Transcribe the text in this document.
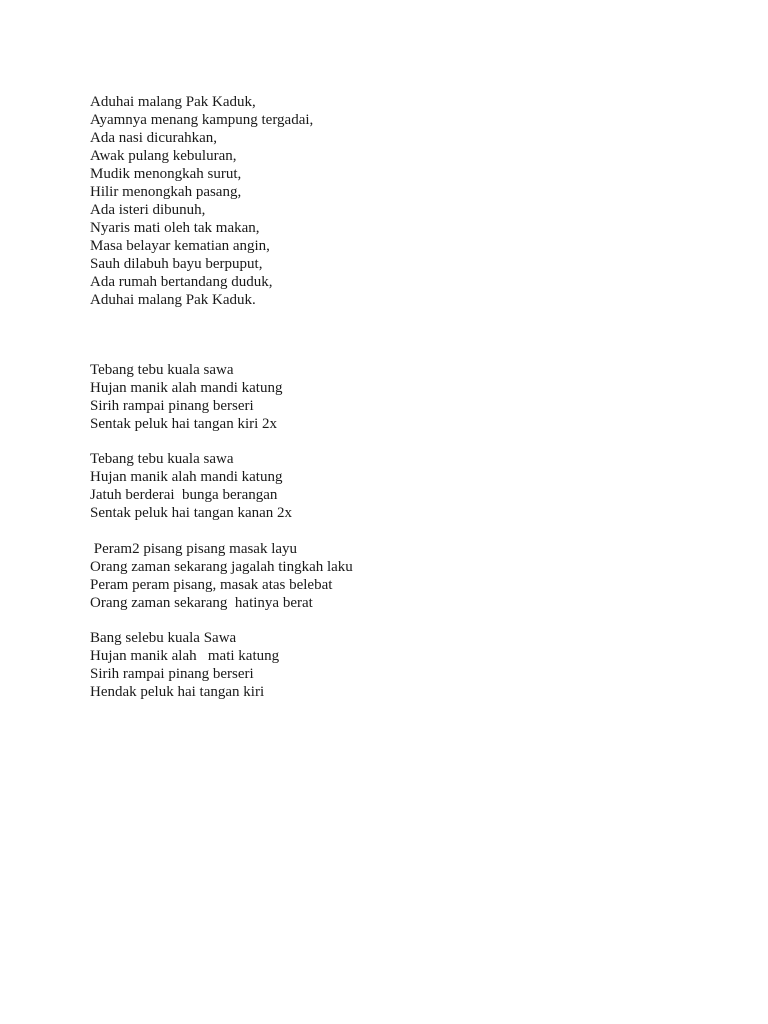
Aduhai malang Pak Kaduk,
Ayamnya menang kampung tergadai,
Ada nasi dicurahkan,
Awak pulang kebuluran,
Mudik menongkah surut,
Hilir menongkah pasang,
Ada isteri dibunuh,
Nyaris mati oleh tak makan,
Masa belayar kematian angin,
Sauh dilabuh bayu berpuput,
Ada rumah bertandang duduk,
Aduhai malang Pak Kaduk.
Tebang tebu kuala sawa
Hujan manik alah mandi katung
Sirih rampai pinang berseri
Sentak peluk hai tangan kiri 2x
Tebang tebu kuala sawa
Hujan manik alah mandi katung
Jatuh berderai  bunga berangan
Sentak peluk hai tangan kanan 2x
Peram2 pisang pisang masak layu
Orang zaman sekarang jagalah tingkah laku
Peram peram pisang, masak atas belebat
Orang zaman sekarang  hatinya berat
Bang selebu kuala Sawa
Hujan manik alah   mati katung
Sirih rampai pinang berseri
Hendak peluk hai tangan kiri
